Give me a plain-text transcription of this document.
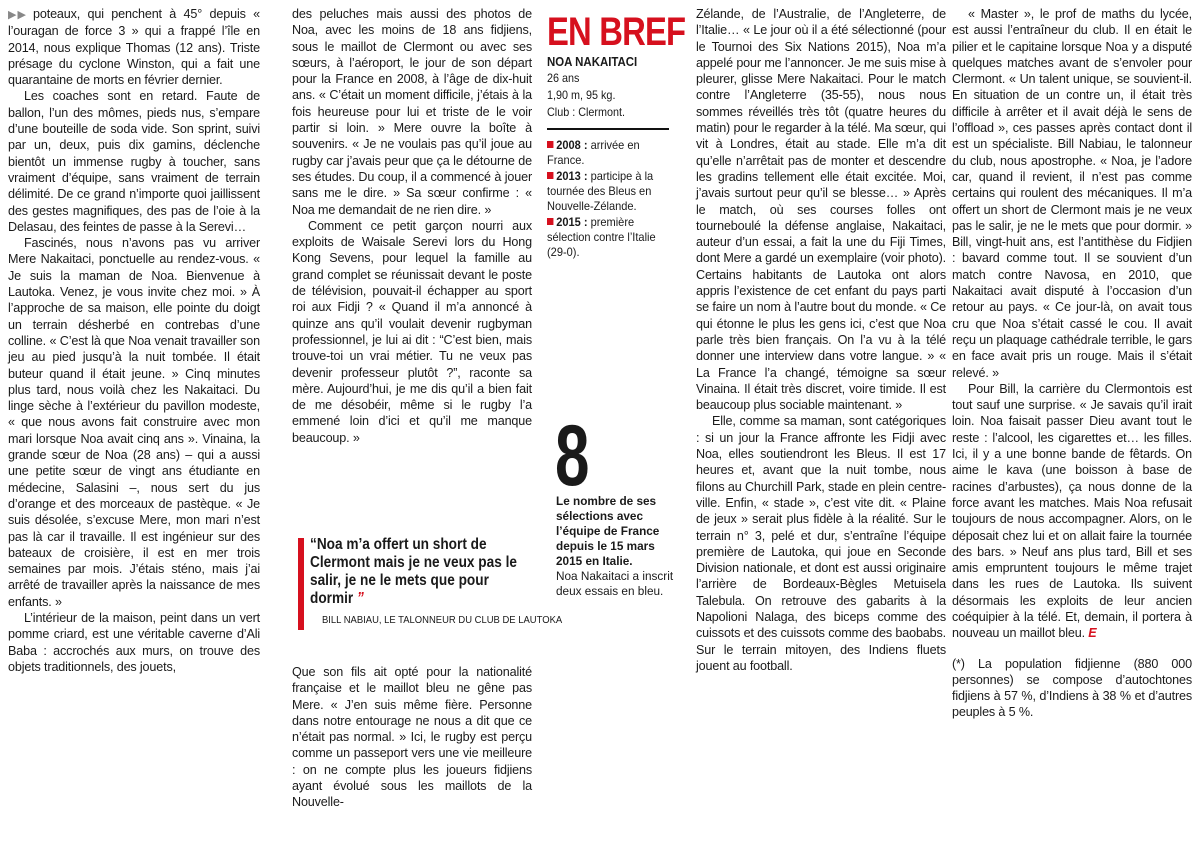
▶▶ poteaux, qui penchent à 45° depuis « l’ouragan de force 3 » qui a frappé l’île en 2014, nous explique Thomas (12 ans). Triste présage du cyclone Winston, qui a fait une quarantaine de morts en février dernier.

Les coaches sont en retard. Faute de ballon, l’un des mômes, pieds nus, s’empare d’une bouteille de soda vide. Son sprint, suivi par un, deux, puis dix gamins, déclenche bientôt un immense rugby à toucher, sans vraiment d’équipe, sans vraiment de terrain délimité. De ce grand n’importe quoi jaillissent des gestes magnifiques, des pas de l’oie à la Delasau, des feintes de passe à la Serevi…

Fascinés, nous n’avons pas vu arriver Mere Nakaitaci, ponctuelle au rendez-vous. « Je suis la maman de Noa. Bienvenue à Lautoka. Venez, je vous invite chez moi. » À l’approche de sa maison, elle pointe du doigt un terrain désherbé en contrebas d’une colline. « C’est là que Noa venait travailler son jeu au pied jusqu’à la nuit tombée. Il était buteur quand il était jeune. » Cinq minutes plus tard, nous voilà chez les Nakaitaci. Du linge sèche à l’extérieur du pavillon modeste, « que nous avons fait construire avec mon mari lorsque Noa avait cinq ans ». Vinaina, la grande sœur de Noa (28 ans) – qui a aussi une petite sœur de vingt ans étudiante en médecine, Salasini –, nous sert du jus d’orange et des morceaux de pastèque. « Je suis désolée, s’excuse Mere, mon mari n’est pas là car il travaille. Il est ingénieur sur des bateaux de croisière, il est en mer trois semaines par mois. J’étais sténo, mais j’ai arrêté de travailler après la naissance de mes enfants. »

L’intérieur de la maison, peint dans un vert pomme criard, est une véritable caverne d’Ali Baba : accrochés aux murs, on trouve des objets traditionnels, des jouets,

des peluches mais aussi des photos de Noa, avec les moins de 18 ans fidjiens, sous le maillot de Clermont ou avec ses sœurs, à l’aéroport, le jour de son départ pour la France en 2008, à l’âge de dix-huit ans. « C’était un moment difficile, j’étais à la fois heureuse pour lui et triste de le voir partir si loin. » Mere ouvre la boîte à souvenirs. « Je ne voulais pas qu’il joue au rugby car j’avais peur que ça le détourne de ses études. Du coup, il a commencé à jouer sans me le dire. » Sa sœur confirme : « Noa me demandait de ne rien dire. »

Comment ce petit garçon nourri aux exploits de Waisale Serevi lors du Hong Kong Sevens, pour lequel la famille au grand complet se réunissait devant le poste de télévision, pouvait-il échapper au sport roi aux Fidji ? « Quand il m’a annoncé à quinze ans qu’il voulait devenir rugbyman professionnel, je lui ai dit : “C’est bien, mais trouve-toi un vrai métier. Tu ne veux pas devenir professeur plutôt ?”, raconte sa mère. Aujourd’hui, je me dis qu’il a bien fait de me désobéir, même si le rugby l’a emmené loin d’ici et qu’il me manque beaucoup. »

“Noa m’a offert un short de Clermont mais je ne veux pas le salir, je ne le mets que pour dormir ”
BILL NABIAU, LE TALONNEUR DU CLUB DE LAUTOKA

Que son fils ait opté pour la nationalité française et le maillot bleu ne gêne pas Mere. « J’en suis même fière. Personne dans notre entourage ne nous a dit que ce n’était pas normal. » Ici, le rugby est perçu comme un passeport vers une vie meilleure : on ne compte plus les joueurs fidjiens ayant évolué sous les maillots de la Nouvelle-

EN BREF
NOA NAKAITACI
26 ans
1,90 m, 95 kg.
Club : Clermont.
2008 : arrivée en France.
2013 : participe à la tournée des Bleus en Nouvelle-Zélande.
2015 : première sélection contre l’Italie (29-0).
8
Le nombre de ses sélections avec l’équipe de France depuis le 15 mars 2015 en Italie.
Noa Nakaitaci a inscrit deux essais en bleu.

Zélande, de l’Australie, de l’Angleterre, de l’Italie… « Le jour où il a été sélectionné (pour le Tournoi des Six Nations 2015), Noa m’a appelé pour me l’annoncer. Je me suis mise à pleurer, glisse Mere Nakaitaci. Pour le match contre l’Angleterre (35-55), nous nous sommes réveillés très tôt (quatre heures du matin) pour le regarder à la télé. Ma sœur, qui vit à Londres, était au stade. Elle m’a dit qu’elle n’arrêtait pas de monter et descendre les gradins tellement elle était excitée. Moi, j’avais surtout peur qu’il se blesse… » Après le match, où ses courses folles ont tourneboulé la défense anglaise, Nakaitaci, auteur d’un essai, a fait la une du Fiji Times, dont Mere a gardé un exemplaire (voir photo). Certains habitants de Lautoka ont alors appris l’existence de cet enfant du pays parti se faire un nom à l’autre bout du monde. « Ce qui étonne le plus les gens ici, c’est que Noa parle très bien français. On l’a vu à la télé donner une interview dans votre langue. » « La France l’a changé, témoigne sa sœur Vinaina. Il était très discret, voire timide. Il est beaucoup plus sociable maintenant. »

Elle, comme sa maman, sont catégoriques : si un jour la France affronte les Fidji avec Noa, elles soutiendront les Bleus. Il est 17 heures et, avant que la nuit tombe, nous filons au Churchill Park, stade en plein centre-ville. Enfin, « stade », c’est vite dit. « Plaine de jeux » serait plus fidèle à la réalité. Sur le terrain n° 3, pelé et dur, s’entraîne l’équipe première de Lautoka, qui joue en Seconde Division nationale, et dont est aussi originaire l’arrière de Bordeaux-Bègles Metuisela Talebula. On retrouve des gabarits à la Napolioni Nalaga, des biceps comme des cuissots et des cuissots comme des baobabs. Sur le terrain mitoyen, des Indiens fluets jouent au football.

« Master », le prof de maths du lycée, est aussi l’entraîneur du club. Il en était le pilier et le capitaine lorsque Noa y a disputé quelques matches avant de s’envoler pour Clermont. « Un talent unique, se souvient-il. En situation de un contre un, il était très difficile à arrêter et il avait déjà le sens de l’offload », ces passes après contact dont il est un spécialiste. Bill Nabiau, le talonneur du club, nous apostrophe. « Noa, je l’adore car, quand il revient, il n’est pas comme certains qui roulent des mécaniques. Il m’a offert un short de Clermont mais je ne veux pas le salir, je ne le mets que pour dormir. » Bill, vingt-huit ans, est l’antithèse du Fidjien : bavard comme tout. Il se souvient d’un match contre Navosa, en 2010, que Nakaitaci avait disputé à l’occasion d’un retour au pays. « Ce jour-là, on avait tous cru que Noa s’était cassé le cou. Il avait reçu un plaquage cathédrale terrible, le gars en face avait pris un rouge. Mais il s’était relevé. »

Pour Bill, la carrière du Clermontois est tout sauf une surprise. « Je savais qu’il irait loin. Noa faisait passer Dieu avant tout le reste : l’alcool, les cigarettes et… les filles. Ici, il y a une bonne bande de fêtards. On aime le kava (une boisson à base de racines d’arbustes), ça nous donne de la force avant les matches. Mais Noa refusait toujours de nous accompagner. Alors, on le déposait chez lui et on allait faire la tournée des bars. » Neuf ans plus tard, Bill et ses amis empruntent toujours le même trajet dans les rues de Lautoka. Ils suivent désormais les exploits de leur ancien coéquipier à la télé. Et, demain, il portera à nouveau un maillot bleu. E

(*) La population fidjienne (880 000 personnes) se compose d’autochtones fidjiens à 57 %, d’Indiens à 38 % et d’autres peuples à 5 %.
